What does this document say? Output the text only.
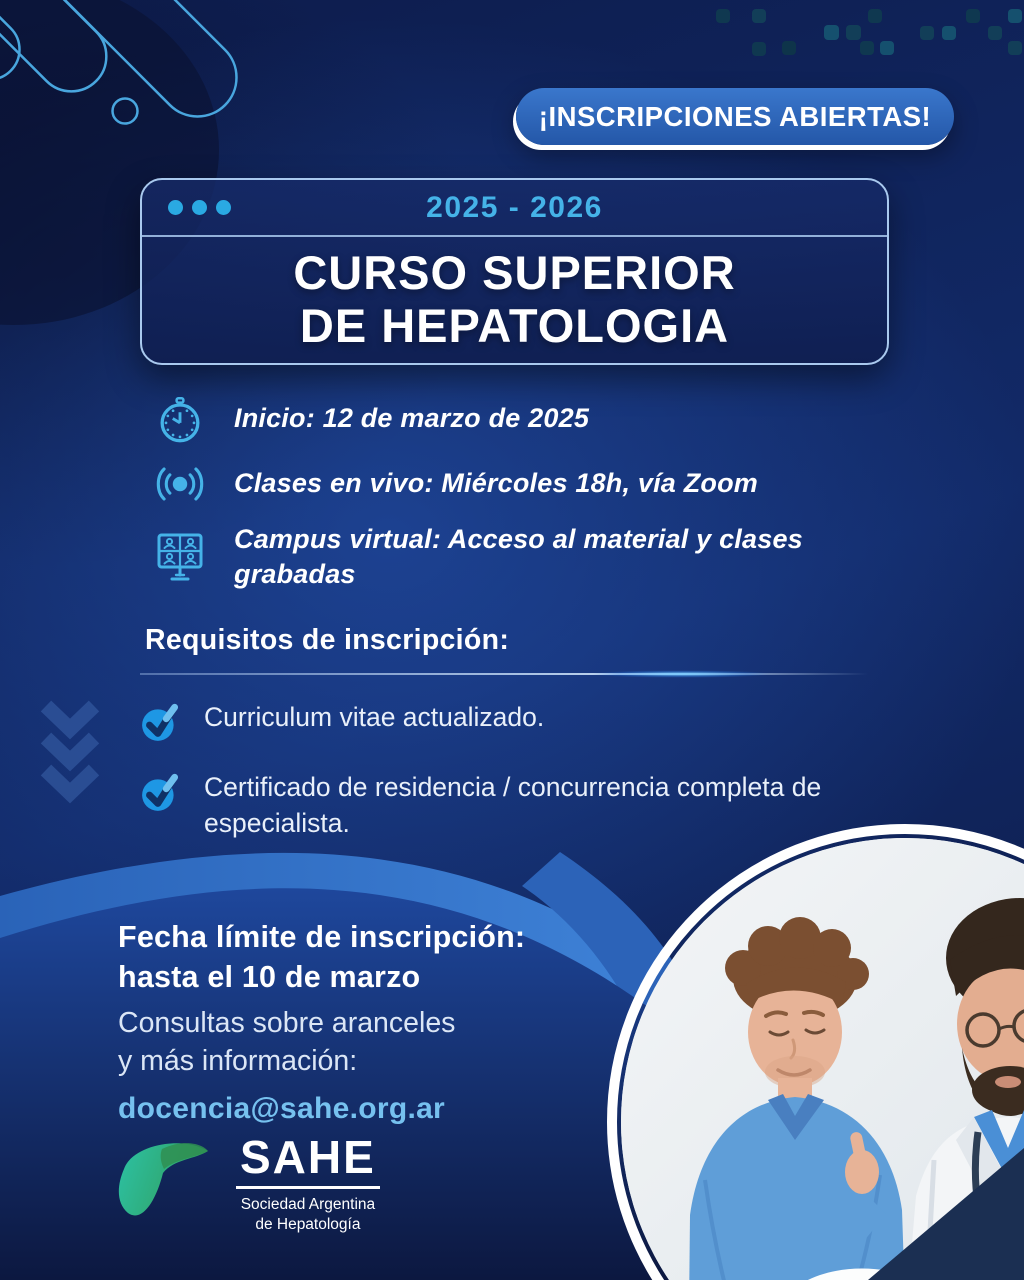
¡INSCRIPCIONES ABIERTAS!
2025 - 2026
CURSO SUPERIOR
DE HEPATOLOGIA
Inicio: 12 de marzo de 2025
Clases en vivo: Miércoles 18h, vía Zoom
Campus virtual: Acceso al material y clases grabadas
Requisitos de inscripción:
Curriculum vitae actualizado.
Certificado de residencia / concurrencia completa de especialista.
Fecha límite de inscripción:
hasta el 10 de marzo
Consultas sobre aranceles
y más información:
docencia@sahe.org.ar
SAHE
Sociedad Argentina
de Hepatología
